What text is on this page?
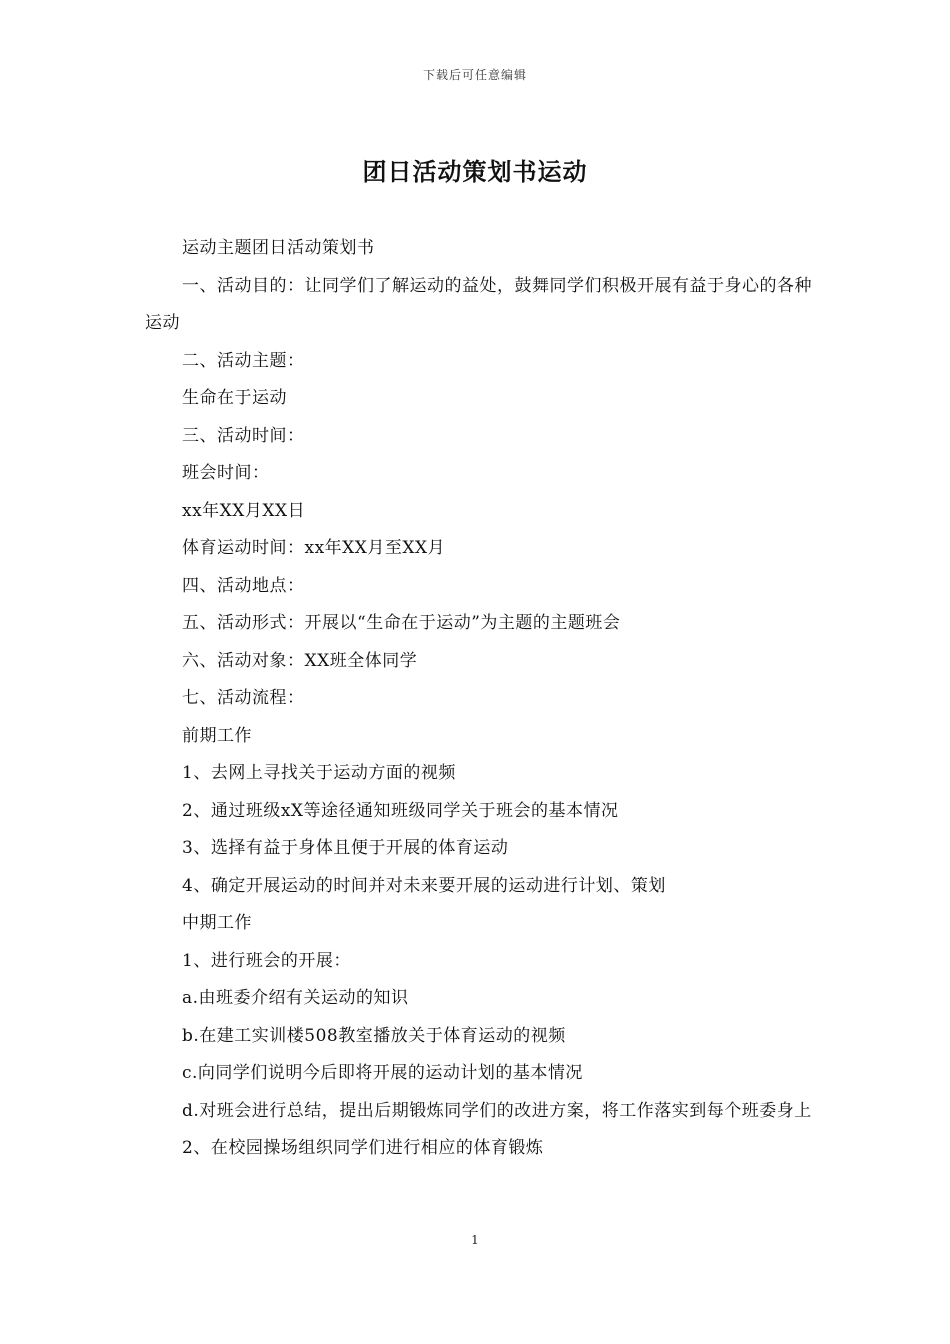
下载后可任意编辑
团日活动策划书运动

运动主题团日活动策划书

一、活动目的：让同学们了解运动的益处，鼓舞同学们积极开展有益于身心的各种运动

二、活动主题：

生命在于运动

三、活动时间：

班会时间：

xx年XX月XX日

体育运动时间：xx年XX月至XX月

四、活动地点：

五、活动形式：开展以“生命在于运动”为主题的主题班会

六、活动对象：XX班全体同学

七、活动流程：

前期工作

1、去网上寻找关于运动方面的视频

2、通过班级xX等途径通知班级同学关于班会的基本情况

3、选择有益于身体且便于开展的体育运动

4、确定开展运动的时间并对未来要开展的运动进行计划、策划

中期工作

1、进行班会的开展：

a.由班委介绍有关运动的知识

b.在建工实训楼508教室播放关于体育运动的视频

c.向同学们说明今后即将开展的运动计划的基本情况

d.对班会进行总结，提出后期锻炼同学们的改进方案，将工作落实到每个班委身上

2、在校园操场组织同学们进行相应的体育锻炼

1
